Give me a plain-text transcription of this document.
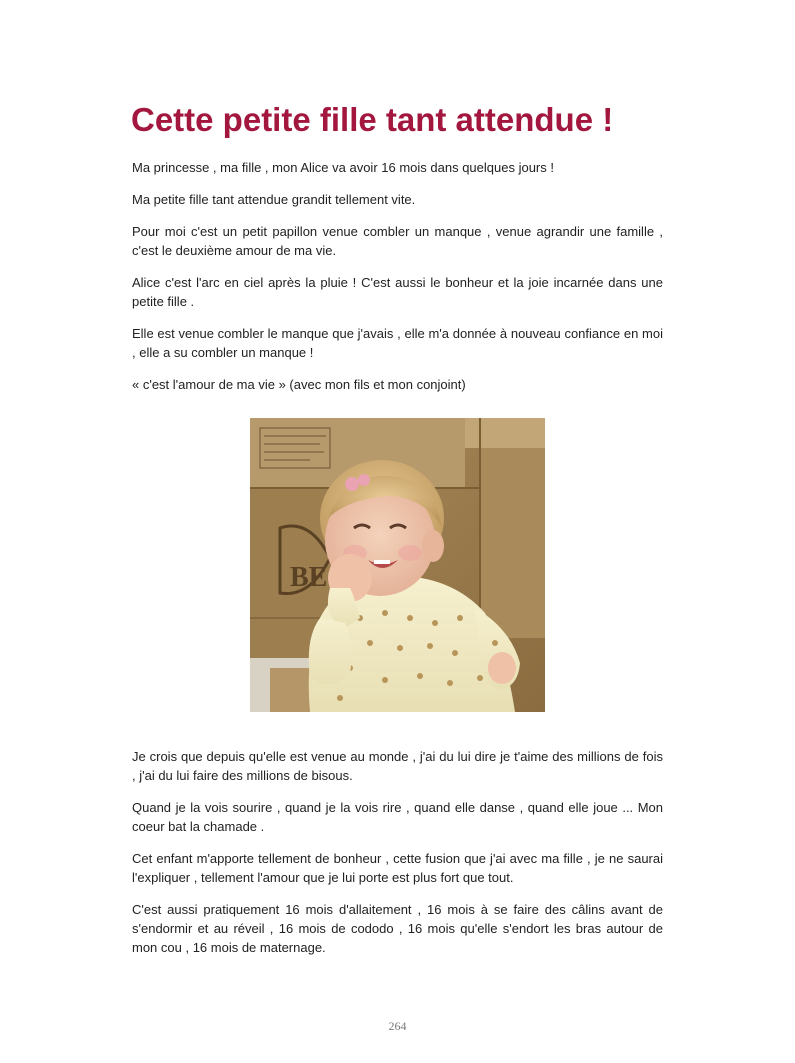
Cette petite fille tant attendue !

Ma princesse , ma fille , mon Alice va avoir 16 mois dans quelques jours !

Ma petite fille tant attendue grandit tellement vite.

Pour moi c'est un petit papillon venue combler un manque , venue agrandir une famille , c'est le deuxième amour de ma vie.

Alice c'est l'arc en ciel après la pluie ! C'est aussi le bonheur et la joie incarnée dans une petite fille .

Elle est venue combler le manque que j'avais , elle m'a donnée à nouveau confiance en moi , elle a su combler un manque !

« c'est l'amour de ma vie » (avec mon fils et mon conjoint)

BE

Je crois que depuis qu'elle est venue au monde , j'ai du lui dire je t'aime des millions de fois , j'ai du lui faire des millions de bisous.

Quand je la vois sourire , quand je la vois rire , quand elle danse , quand elle joue ... Mon coeur bat la chamade .

Cet enfant m'apporte tellement de bonheur , cette fusion que j'ai avec ma fille , je ne saurai l'expliquer , tellement l'amour que je lui porte est plus fort que tout.

C'est aussi pratiquement 16 mois d'allaitement , 16 mois à se faire des câlins avant de s'endormir et au réveil , 16 mois de cododo , 16 mois qu'elle s'endort les bras autour de mon cou , 16 mois de maternage.

264
